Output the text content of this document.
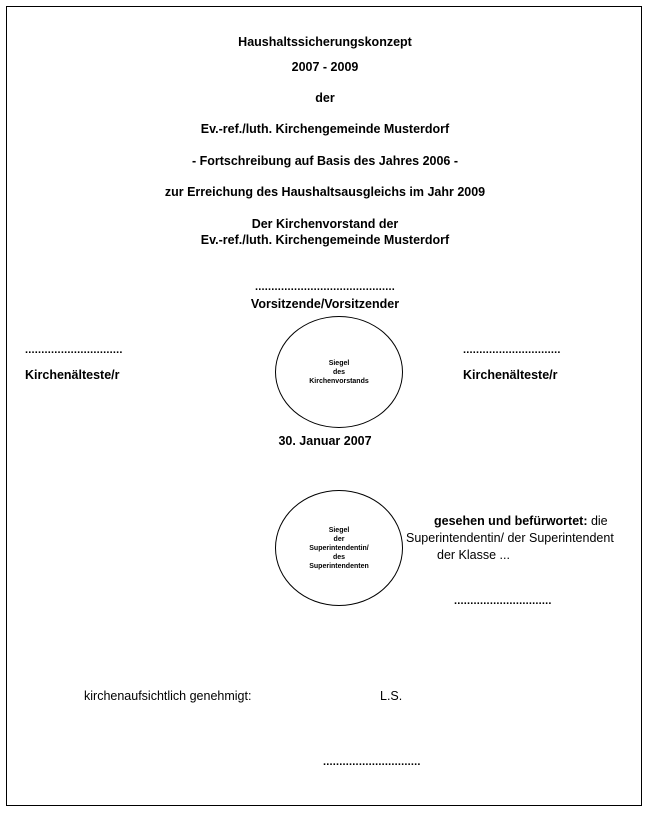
Haushaltssicherungskonzept
2007 - 2009
der
Ev.-ref./luth. Kirchengemeinde Musterdorf
- Fortschreibung auf Basis des Jahres 2006 -
zur Erreichung des Haushaltsausgleichs im Jahr 2009
Der Kirchenvorstand der
Ev.-ref./luth. Kirchengemeinde Musterdorf
...........................................
Vorsitzende/Vorsitzender
..............................
Kirchenälteste/r
..............................
Kirchenälteste/r
Siegel
des
Kirchenvorstands
30. Januar 2007
Siegel
der
Superintendentin/
des
Superintendenten
gesehen und befürwortet: die
Superintendentin/ der Superintendent
der Klasse ...
..............................
kirchenaufsichtlich genehmigt:	L.S.
..............................
